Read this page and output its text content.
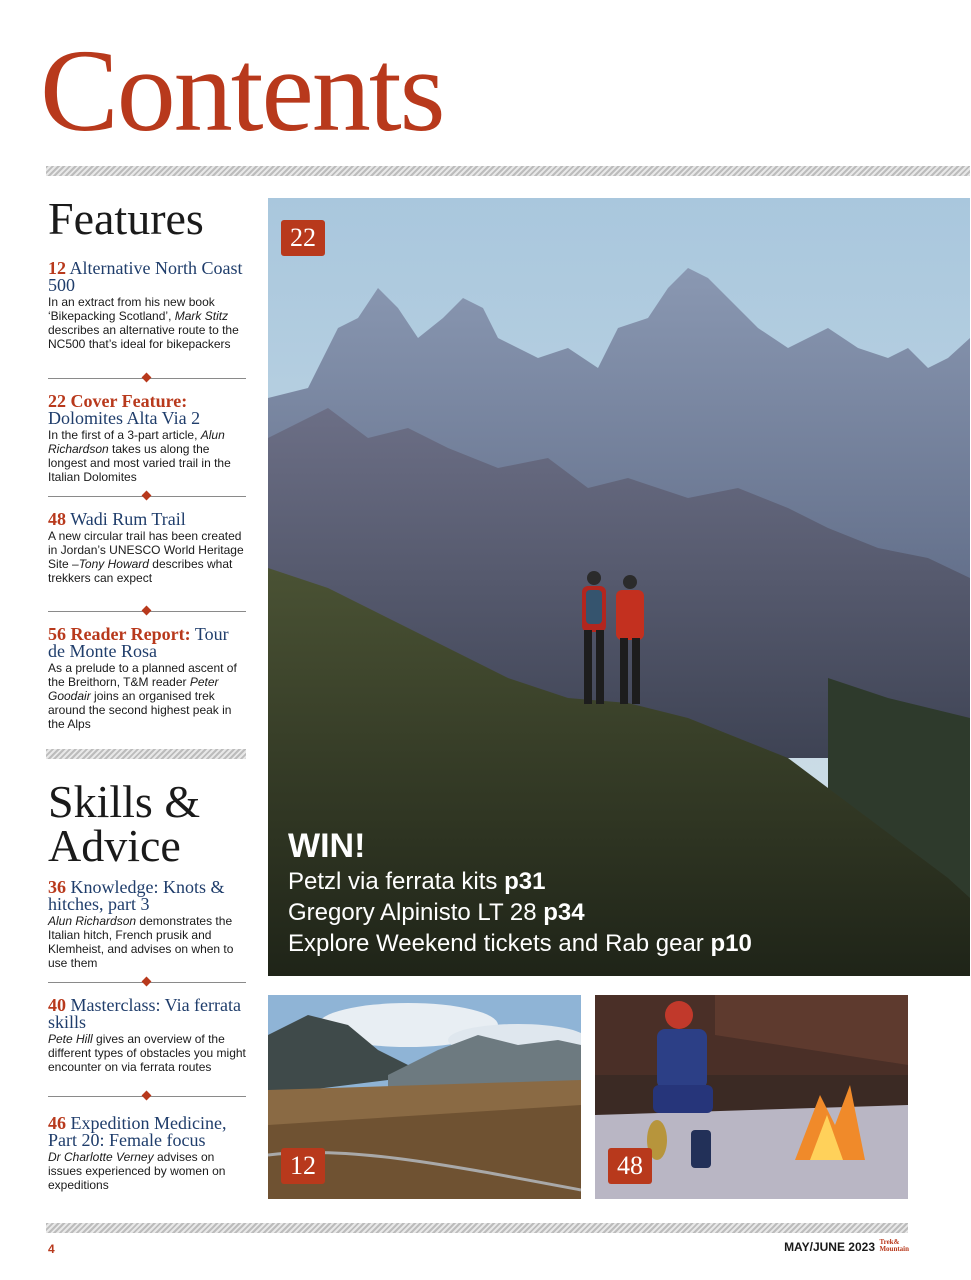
Contents
Features
12 Alternative North Coast 500
In an extract from his new book ‘Bikepacking Scotland’, Mark Stitz describes an alternative route to the NC500 that’s ideal for bikepackers
22 Cover Feature:
Dolomites Alta Via 2
In the first of a 3-part article, Alun Richardson takes us along the longest and most varied trail in the Italian Dolomites
48 Wadi Rum Trail
A new circular trail has been created in Jordan’s UNESCO World Heritage Site –Tony Howard describes what trekkers can expect
56 Reader Report: Tour de Monte Rosa
As a prelude to a planned ascent of the Breithorn, T&M reader Peter Goodair joins an organised trek around the second highest peak in the Alps
Skills &
Advice
36 Knowledge: Knots & hitches, part 3
Alun Richardson demonstrates the Italian hitch, French prusik and Klemheist, and advises on when to use them
40 Masterclass: Via ferrata skills
Pete Hill gives an overview of the different types of obstacles you might encounter on via ferrata routes
46 Expedition Medicine, Part 20: Female focus
Dr Charlotte Verney advises on issues experienced by women on expeditions
22
WIN!
Petzl via ferrata kits p31
Gregory Alpinisto LT 28 p34
Explore Weekend tickets and Rab gear p10
12	48
4	MAY/JUNE 2023 Trek&
Mountain
